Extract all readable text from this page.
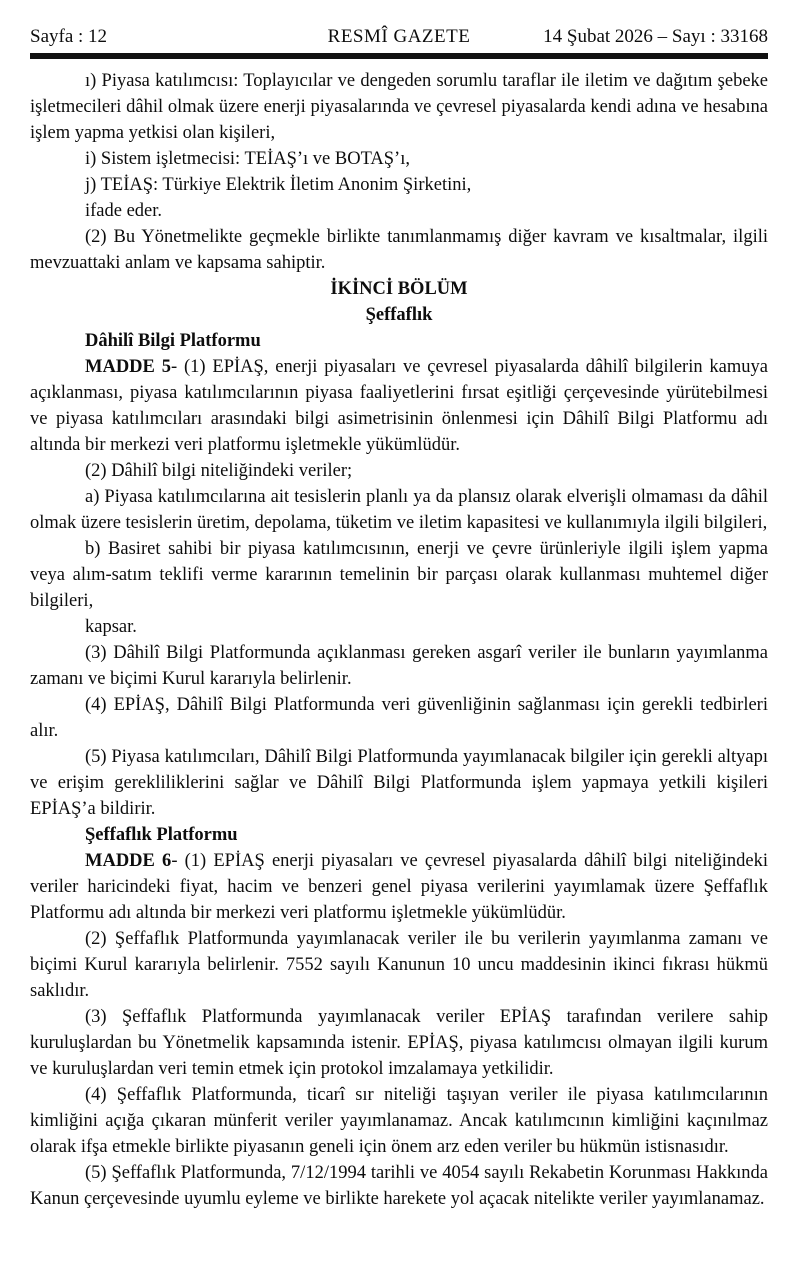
Sayfa : 12	RESMÎ GAZETE	14 Şubat 2026 – Sayı : 33168

ı) Piyasa katılımcısı: Toplayıcılar ve dengeden sorumlu taraflar ile iletim ve dağıtım şebeke işletmecileri dâhil olmak üzere enerji piyasalarında ve çevresel piyasalarda kendi adına ve hesabına işlem yapma yetkisi olan kişileri,

i) Sistem işletmecisi: TEİAŞ’ı ve BOTAŞ’ı,

j) TEİAŞ: Türkiye Elektrik İletim Anonim Şirketini,

ifade eder.

(2) Bu Yönetmelikte geçmekle birlikte tanımlanmamış diğer kavram ve kısaltmalar, ilgili mevzuattaki anlam ve kapsama sahiptir.

İKİNCİ BÖLÜM

Şeffaflık

Dâhilî Bilgi Platformu

MADDE 5- (1) EPİAŞ, enerji piyasaları ve çevresel piyasalarda dâhilî bilgilerin kamuya açıklanması, piyasa katılımcılarının piyasa faaliyetlerini fırsat eşitliği çerçevesinde yürütebilmesi ve piyasa katılımcıları arasındaki bilgi asimetrisinin önlenmesi için Dâhilî Bilgi Platformu adı altında bir merkezi veri platformu işletmekle yükümlüdür.

(2) Dâhilî bilgi niteliğindeki veriler;

a) Piyasa katılımcılarına ait tesislerin planlı ya da plansız olarak elverişli olmaması da dâhil olmak üzere tesislerin üretim, depolama, tüketim ve iletim kapasitesi ve kullanımıyla ilgili bilgileri,

b) Basiret sahibi bir piyasa katılımcısının, enerji ve çevre ürünleriyle ilgili işlem yapma veya alım-satım teklifi verme kararının temelinin bir parçası olarak kullanması muhtemel diğer bilgileri,

kapsar.

(3) Dâhilî Bilgi Platformunda açıklanması gereken asgarî veriler ile bunların yayımlanma zamanı ve biçimi Kurul kararıyla belirlenir.

(4) EPİAŞ, Dâhilî Bilgi Platformunda veri güvenliğinin sağlanması için gerekli tedbirleri alır.

(5) Piyasa katılımcıları, Dâhilî Bilgi Platformunda yayımlanacak bilgiler için gerekli altyapı ve erişim gerekliliklerini sağlar ve Dâhilî Bilgi Platformunda işlem yapmaya yetkili kişileri EPİAŞ’a bildirir.

Şeffaflık Platformu

MADDE 6- (1) EPİAŞ enerji piyasaları ve çevresel piyasalarda dâhilî bilgi niteliğindeki veriler haricindeki fiyat, hacim ve benzeri genel piyasa verilerini yayımlamak üzere Şeffaflık Platformu adı altında bir merkezi veri platformu işletmekle yükümlüdür.

(2) Şeffaflık Platformunda yayımlanacak veriler ile bu verilerin yayımlanma zamanı ve biçimi Kurul kararıyla belirlenir. 7552 sayılı Kanunun 10 uncu maddesinin ikinci fıkrası hükmü saklıdır.

(3) Şeffaflık Platformunda yayımlanacak veriler EPİAŞ tarafından verilere sahip kuruluşlardan bu Yönetmelik kapsamında istenir. EPİAŞ, piyasa katılımcısı olmayan ilgili kurum ve kuruluşlardan veri temin etmek için protokol imzalamaya yetkilidir.

(4) Şeffaflık Platformunda, ticarî sır niteliği taşıyan veriler ile piyasa katılımcılarının kimliğini açığa çıkaran münferit veriler yayımlanamaz. Ancak katılımcının kimliğini kaçınılmaz olarak ifşa etmekle birlikte piyasanın geneli için önem arz eden veriler bu hükmün istisnasıdır.

(5) Şeffaflık Platformunda, 7/12/1994 tarihli ve 4054 sayılı Rekabetin Korunması Hakkında Kanun çerçevesinde uyumlu eyleme ve birlikte harekete yol açacak nitelikte veriler yayımlanamaz.
